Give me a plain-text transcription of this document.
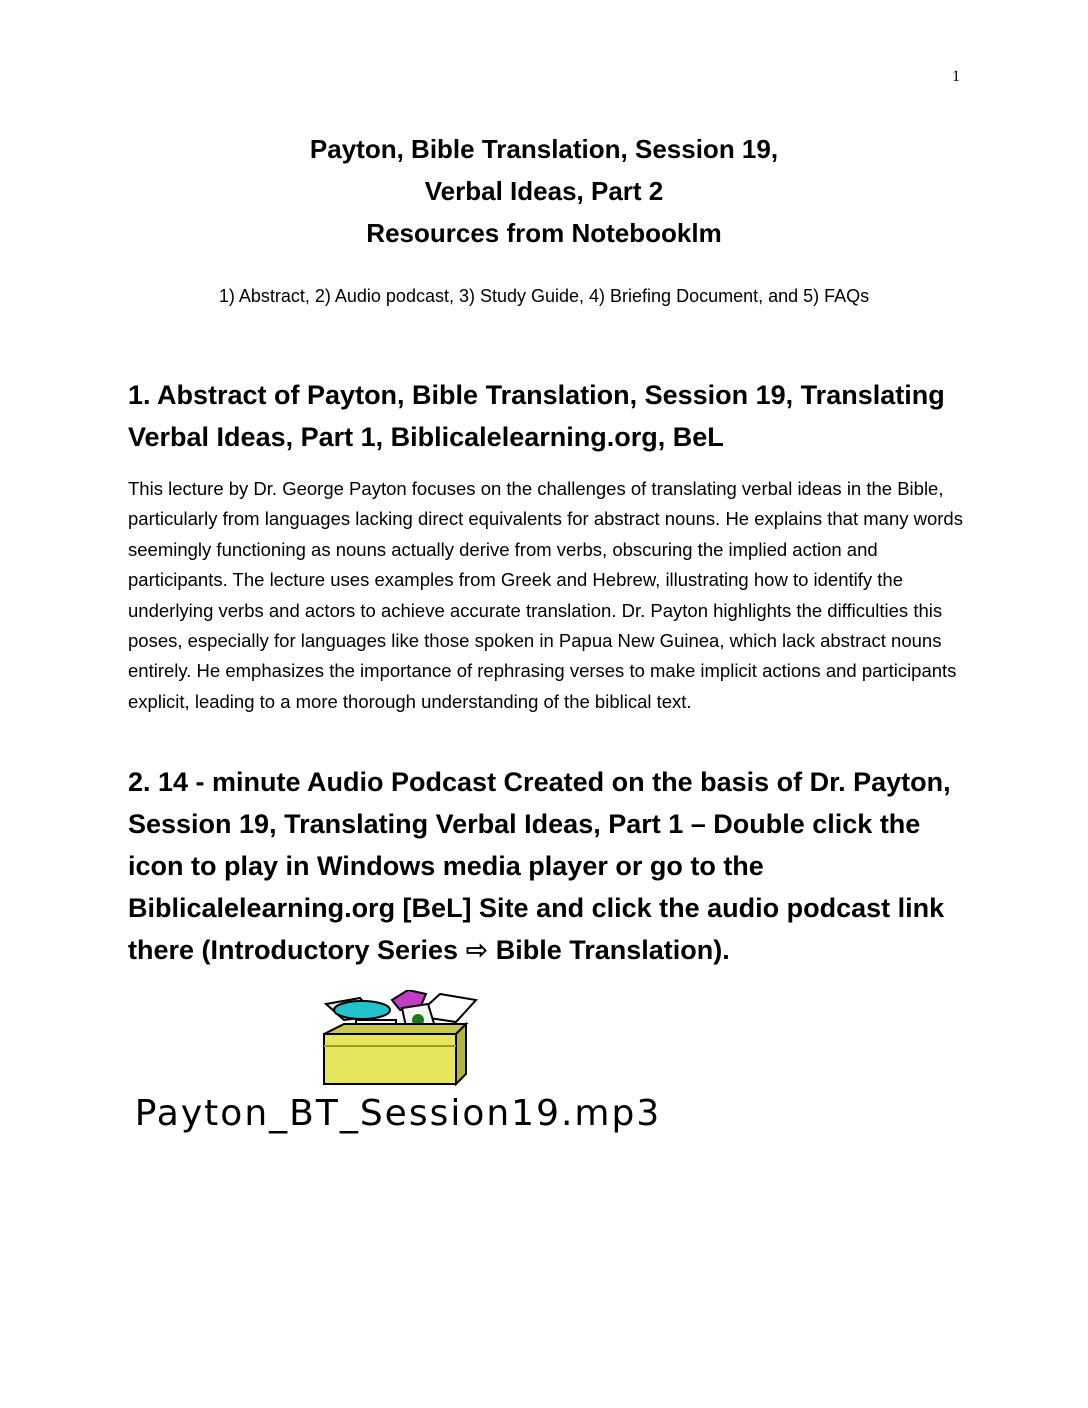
1
Payton, Bible Translation, Session 19,
Verbal Ideas, Part 2
Resources from Notebooklm
1) Abstract, 2) Audio podcast, 3) Study Guide, 4) Briefing Document, and 5) FAQs
1. Abstract of Payton, Bible Translation, Session 19, Translating Verbal Ideas, Part 1, Biblicalelearning.org, BeL

This lecture by Dr. George Payton focuses on the challenges of translating verbal ideas in the Bible, particularly from languages lacking direct equivalents for abstract nouns. He explains that many words seemingly functioning as nouns actually derive from verbs, obscuring the implied action and participants. The lecture uses examples from Greek and Hebrew, illustrating how to identify the underlying verbs and actors to achieve accurate translation. Dr. Payton highlights the difficulties this poses, especially for languages like those spoken in Papua New Guinea, which lack abstract nouns entirely. He emphasizes the importance of rephrasing verses to make implicit actions and participants explicit, leading to a more thorough understanding of the biblical text.

2. 14 - minute Audio Podcast Created on the basis of Dr. Payton, Session 19, Translating Verbal Ideas, Part 1 – Double click the icon to play in Windows media player or go to the Biblicalelearning.org [BeL] Site and click the audio podcast link there (Introductory Series ⇨ Bible Translation).
Payton_BT_Session19.mp3
